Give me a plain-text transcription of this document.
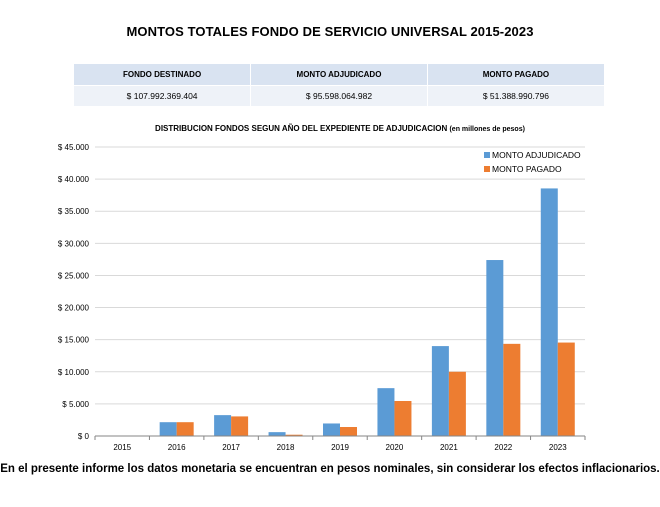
MONTOS TOTALES FONDO DE SERVICIO UNIVERSAL 2015-2023
FONDO DESTINADO	MONTO ADJUDICADO	MONTO PAGADO
$ 107.992.369.404	$ 95.598.064.982	$ 51.388.990.796
DISTRIBUCION FONDOS SEGUN AÑO DEL EXPEDIENTE DE ADJUDICACION (en millones de pesos)
$ 0
$ 5.000
$ 10.000
$ 15.000
$ 20.000
$ 25.000
$ 30.000
$ 35.000
$ 40.000
$ 45.000
2015	2016	2017	2018	2019	2020	2021	2022	2023
MONTO ADJUDICADO
MONTO PAGADO
En el presente informe los datos monetaria se encuentran en pesos nominales, sin considerar los efectos inflacionarios.
